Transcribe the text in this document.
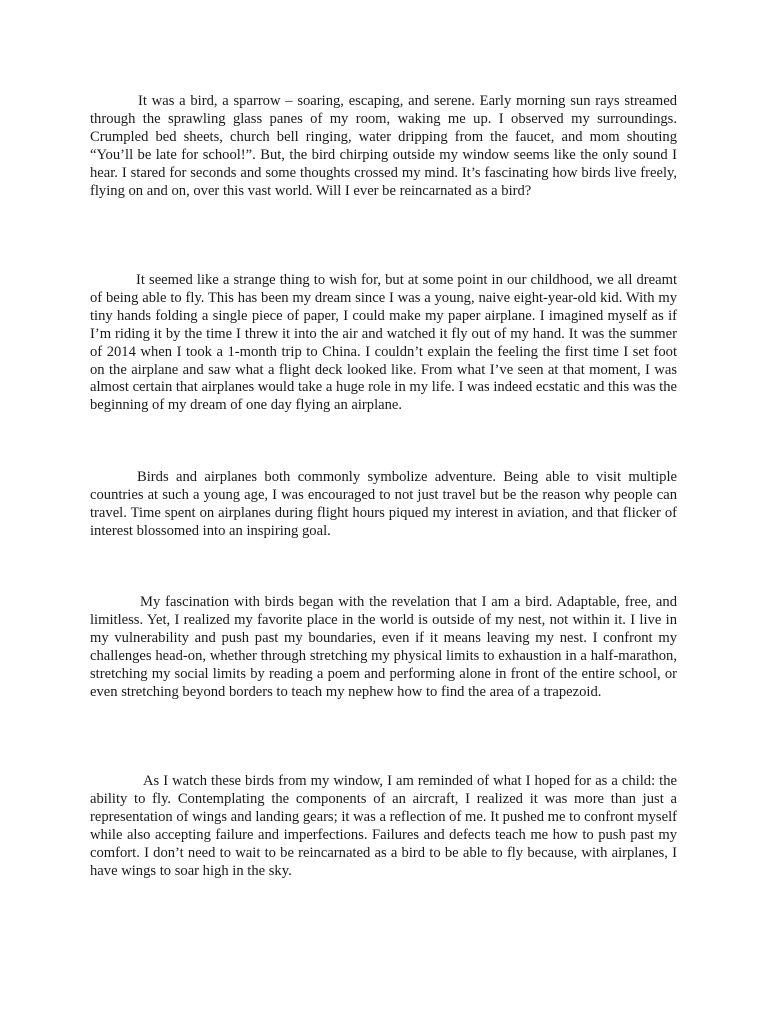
It was a bird, a sparrow – soaring, escaping, and serene. Early morning sun rays streamed through the sprawling glass panes of my room, waking me up. I observed my surroundings. Crumpled bed sheets, church bell ringing, water dripping from the faucet, and mom shouting “You’ll be late for school!”. But, the bird chirping outside my window seems like the only sound I hear. I stared for seconds and some thoughts crossed my mind. It’s fascinating how birds live freely, flying on and on, over this vast world. Will I ever be reincarnated as a bird?

It seemed like a strange thing to wish for, but at some point in our childhood, we all dreamt of being able to fly. This has been my dream since I was a young, naive eight-year-old kid. With my tiny hands folding a single piece of paper, I could make my paper airplane. I imagined myself as if I’m riding it by the time I threw it into the air and watched it fly out of my hand. It was the summer of 2014 when I took a 1-month trip to China. I couldn’t explain the feeling the first time I set foot on the airplane and saw what a flight deck looked like. From what I’ve seen at that moment, I was almost certain that airplanes would take a huge role in my life. I was indeed ecstatic and this was the beginning of my dream of one day flying an airplane.

Birds and airplanes both commonly symbolize adventure. Being able to visit multiple countries at such a young age, I was encouraged to not just travel but be the reason why people can travel. Time spent on airplanes during flight hours piqued my interest in aviation, and that flicker of interest blossomed into an inspiring goal.

My fascination with birds began with the revelation that I am a bird. Adaptable, free, and limitless. Yet, I realized my favorite place in the world is outside of my nest, not within it. I live in my vulnerability and push past my boundaries, even if it means leaving my nest. I confront my challenges head-on, whether through stretching my physical limits to exhaustion in a half-marathon, stretching my social limits by reading a poem and performing alone in front of the entire school, or even stretching beyond borders to teach my nephew how to find the area of a trapezoid.

As I watch these birds from my window, I am reminded of what I hoped for as a child: the ability to fly. Contemplating the components of an aircraft, I realized it was more than just a representation of wings and landing gears; it was a reflection of me. It pushed me to confront myself while also accepting failure and imperfections. Failures and defects teach me how to push past my comfort. I don’t need to wait to be reincarnated as a bird to be able to fly because, with airplanes, I have wings to soar high in the sky.
